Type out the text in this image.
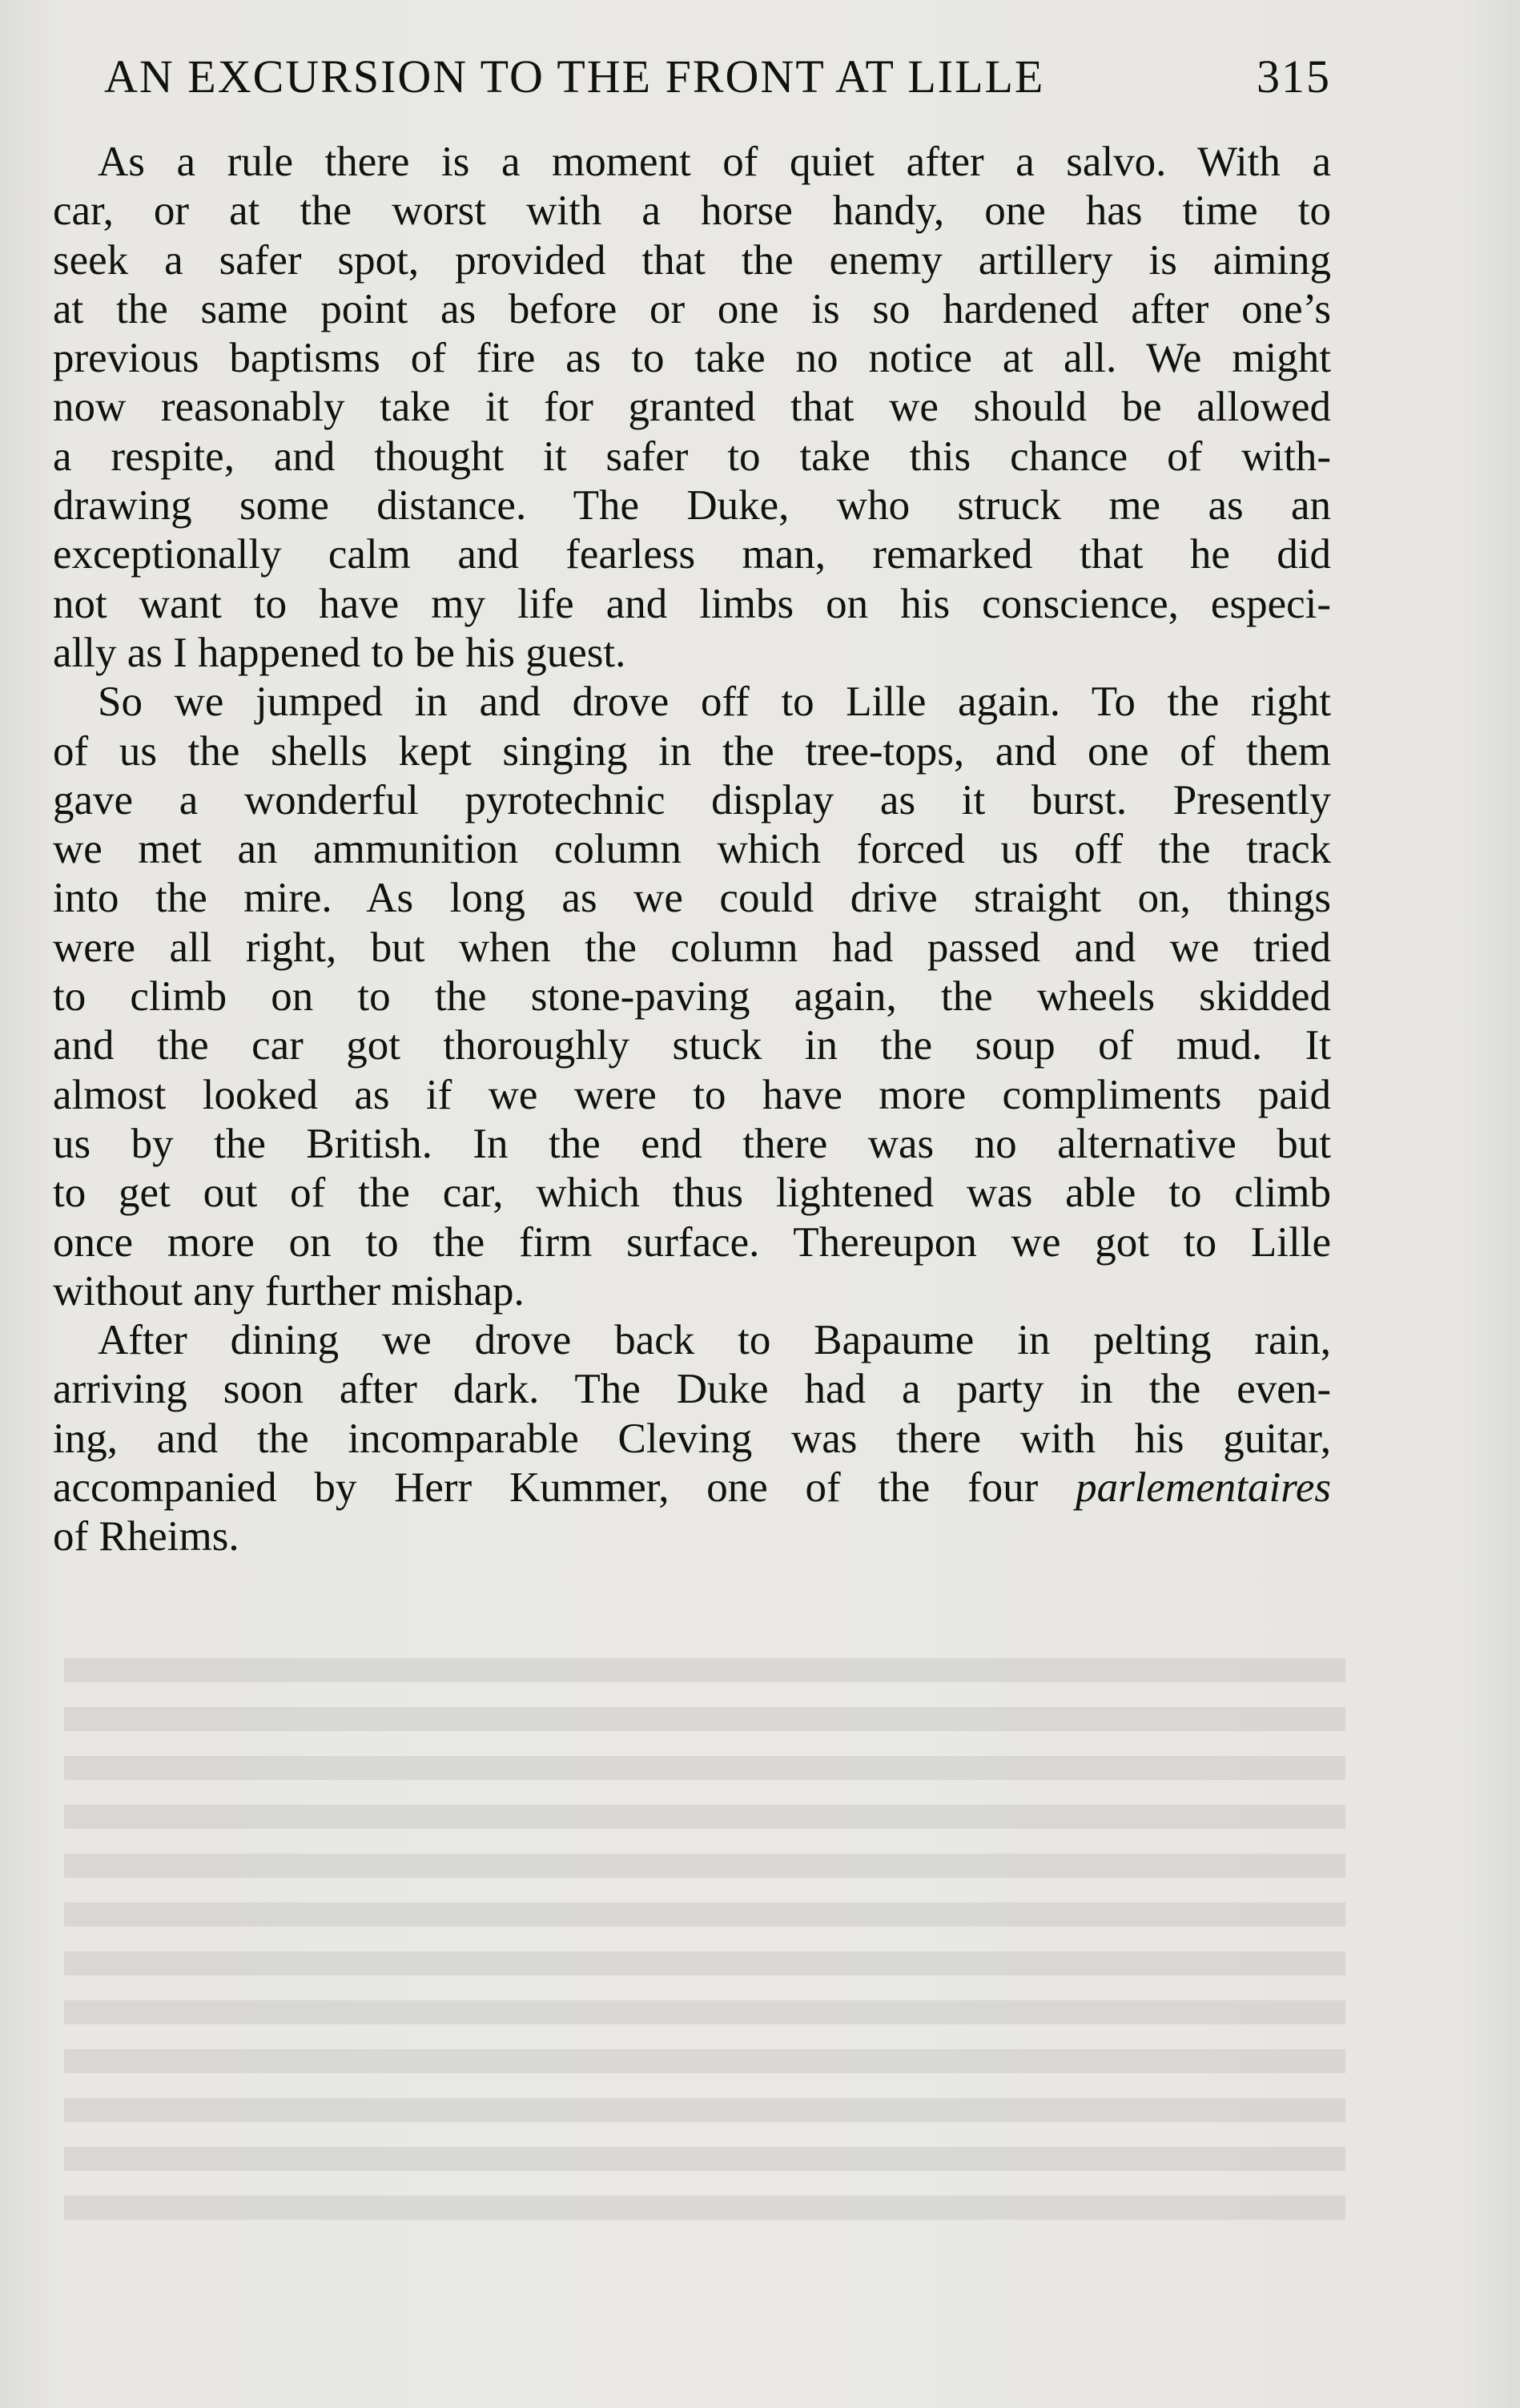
AN EXCURSION TO THE FRONT AT LILLE	315
As a rule there is a moment of quiet after a salvo. With a
car, or at the worst with a horse handy, one has time to
seek a safer spot, provided that the enemy artillery is aiming
at the same point as before or one is so hardened after one’s
previous baptisms of fire as to take no notice at all. We might
now reasonably take it for granted that we should be allowed
a respite, and thought it safer to take this chance of with-
drawing some distance. The Duke, who struck me as an
exceptionally calm and fearless man, remarked that he did
not want to have my life and limbs on his conscience, especi-
ally as I happened to be his guest.
So we jumped in and drove off to Lille again. To the right
of us the shells kept singing in the tree-tops, and one of them
gave a wonderful pyrotechnic display as it burst. Presently
we met an ammunition column which forced us off the track
into the mire. As long as we could drive straight on, things
were all right, but when the column had passed and we tried
to climb on to the stone-paving again, the wheels skidded
and the car got thoroughly stuck in the soup of mud. It
almost looked as if we were to have more compliments paid
us by the British. In the end there was no alternative but
to get out of the car, which thus lightened was able to climb
once more on to the firm surface. Thereupon we got to Lille
without any further mishap.
After dining we drove back to Bapaume in pelting rain,
arriving soon after dark. The Duke had a party in the even-
ing, and the incomparable Cleving was there with his guitar,
accompanied by Herr Kummer, one of the four parlementaires
of Rheims.
